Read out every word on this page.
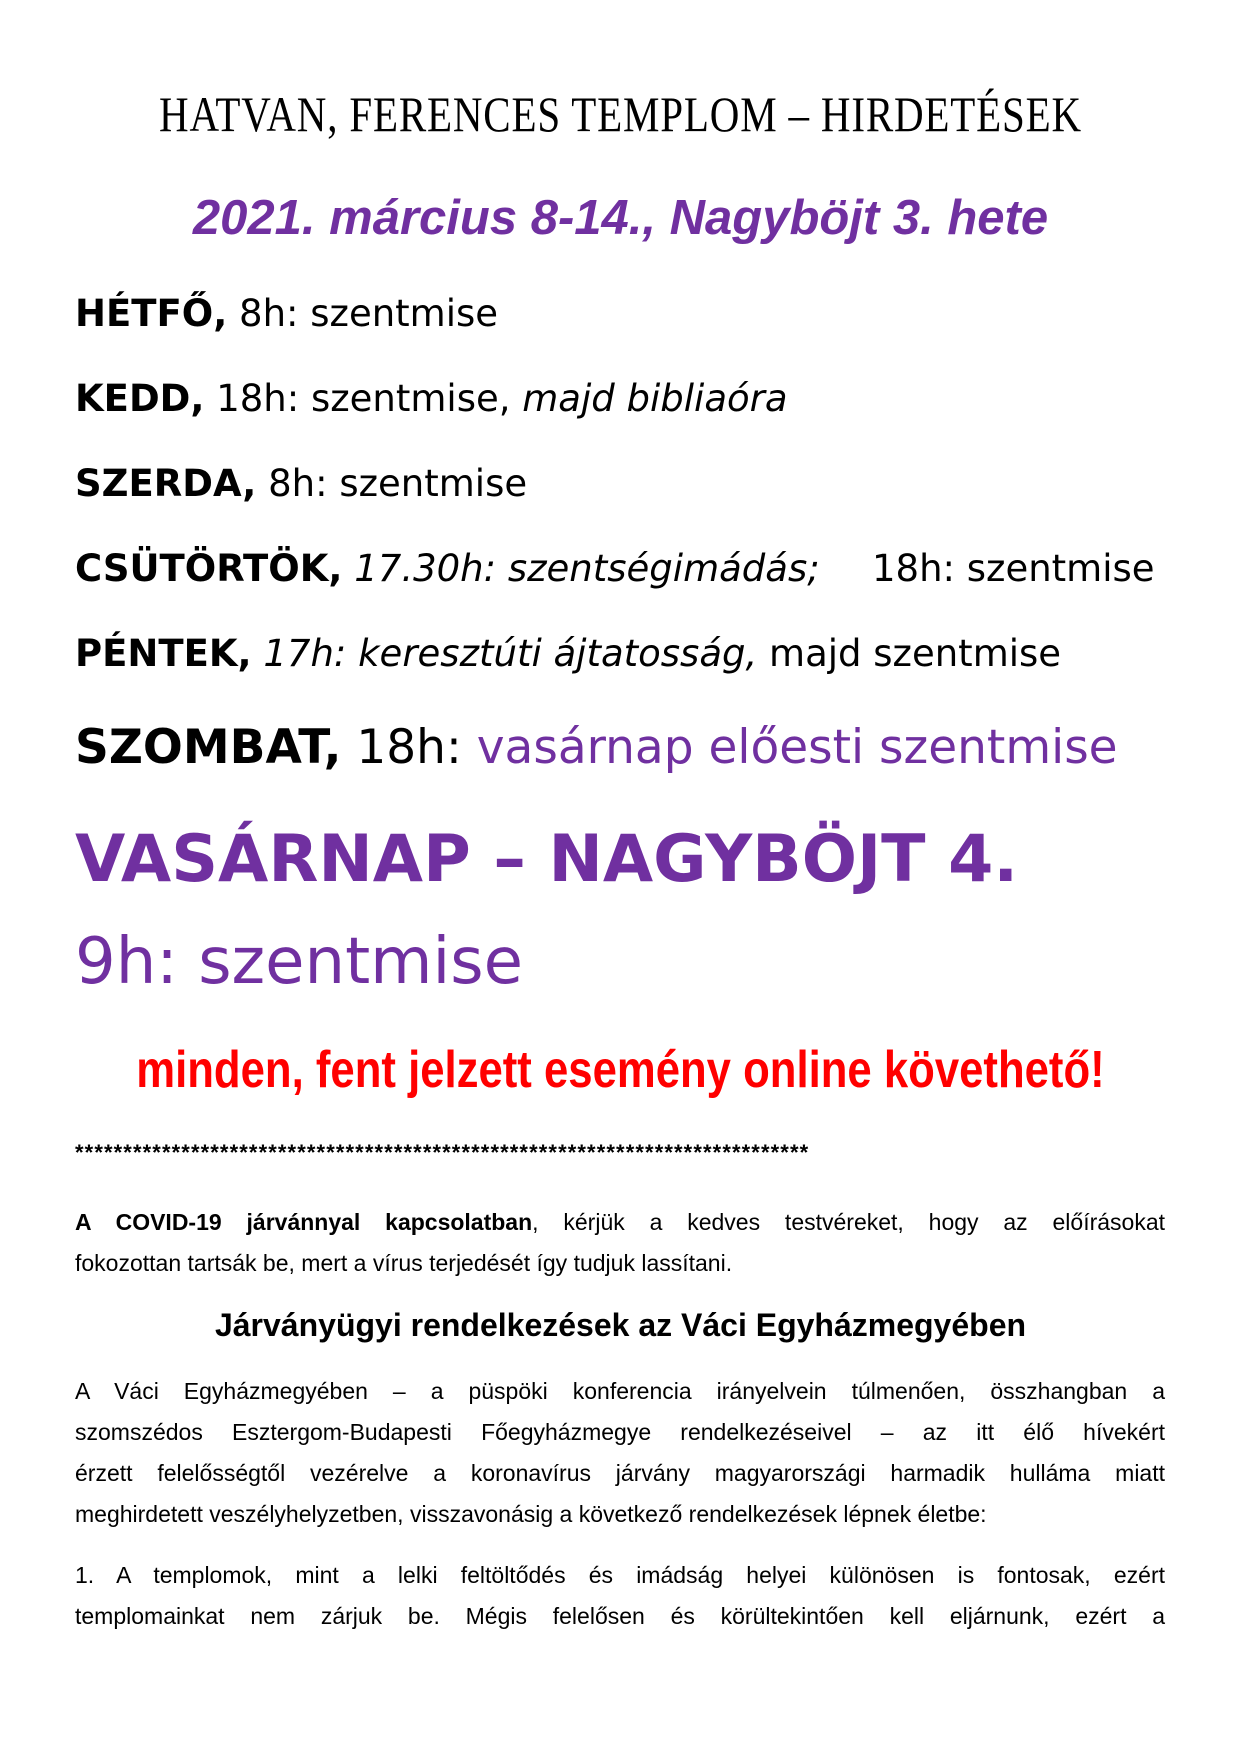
HATVAN, FERENCES TEMPLOM – HIRDETÉSEK
2021. március 8-14., Nagyböjt 3. hete
HÉTFŐ, 8h: szentmise
KEDD, 18h: szentmise, majd bibliaóra
SZERDA, 8h: szentmise
CSÜTÖRTÖK, 17.30h: szentségimádás; 18h: szentmise
PÉNTEK, 17h: keresztúti ájtatosság, majd szentmise
SZOMBAT, 18h: vasárnap előesti szentmise
VASÁRNAP – NAGYBÖJT 4.
9h: szentmise
minden, fent jelzett esemény online követhető!
****************************************************************************
A COVID-19 járvánnyal kapcsolatban, kérjük a kedves testvéreket, hogy az előírásokat
fokozottan tartsák be, mert a vírus terjedését így tudjuk lassítani.
Járványügyi rendelkezések az Váci Egyházmegyében
A Váci Egyházmegyében – a püspöki konferencia irányelvein túlmenően, összhangban a
szomszédos Esztergom-Budapesti Főegyházmegye rendelkezéseivel – az itt élő hívekért
érzett felelősségtől vezérelve a koronavírus járvány magyarországi harmadik hulláma miatt
meghirdetett veszélyhelyzetben, visszavonásig a következő rendelkezések lépnek életbe:
1. A templomok, mint a lelki feltöltődés és imádság helyei különösen is fontosak, ezért
templomainkat nem zárjuk be. Mégis felelősen és körültekintően kell eljárnunk, ezért a
